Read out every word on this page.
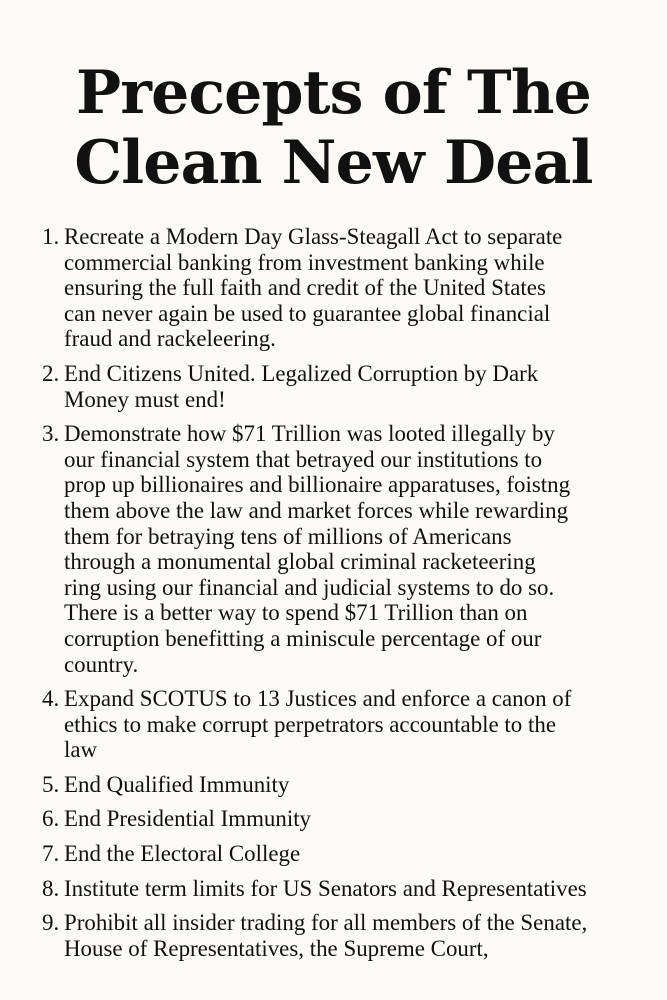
Precepts of The
Clean New Deal
1. Recreate a Modern Day Glass-Steagall Act to separate
commercial banking from investment banking while
ensuring the full faith and credit of the United States
can never again be used to guarantee global financial
fraud and rackeleering.
2. End Citizens United. Legalized Corruption by Dark
Money must end!
3. Demonstrate how $71 Trillion was looted illegally by
our financial system that betrayed our institutions to
prop up billionaires and billionaire apparatuses, foistng
them above the law and market forces while rewarding
them for betraying tens of millions of Americans
through a monumental global criminal racketeering
ring using our financial and judicial systems to do so.
There is a better way to spend $71 Trillion than on
corruption benefitting a miniscule percentage of our
country.
4. Expand SCOTUS to 13 Justices and enforce a canon of
ethics to make corrupt perpetrators accountable to the
law
5. End Qualified Immunity
6. End Presidential Immunity
7. End the Electoral College
8. Institute term limits for US Senators and Representatives
9. Prohibit all insider trading for all members of the Senate,
House of Representatives, the Supreme Court,
